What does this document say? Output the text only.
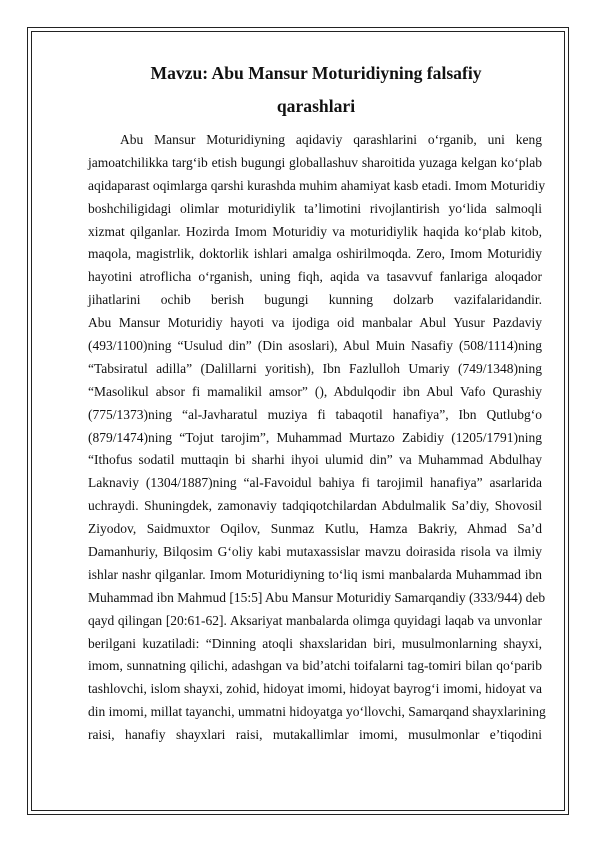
Mavzu: Abu Mansur Moturidiyning falsafiy
qarashlari
Abu Mansur Moturidiyning aqidaviy qarashlarini o‘rganib, uni keng
jamoatchilikka targ‘ib etish bugungi globallashuv sharoitida yuzaga kelgan ko‘plab
aqidaparast oqimlarga qarshi kurashda muhim ahamiyat kasb etadi. Imom Moturidiy
boshchiligidagi olimlar moturidiylik ta’limotini rivojlantirish yo‘lida salmoqli
xizmat qilganlar. Hozirda Imom Moturidiy va moturidiylik haqida ko‘plab kitob,
maqola, magistrlik, doktorlik ishlari amalga oshirilmoqda. Zero, Imom Moturidiy
hayotini atroflicha o‘rganish, uning fiqh, aqida va tasavvuf fanlariga aloqador
jihatlarini ochib berish bugungi kunning dolzarb vazifalaridandir.
Abu Mansur Moturidiy hayoti va ijodiga oid manbalar Abul Yusur Pazdaviy
(493/1100)ning “Usulud din” (Din asoslari), Abul Muin Nasafiy (508/1114)ning
“Tabsiratul adilla” (Dalillarni yoritish), Ibn Fazlulloh Umariy (749/1348)ning
“Masolikul absor fi mamalikil amsor” (), Abdulqodir ibn Abul Vafo Qurashiy
(775/1373)ning “al-Javharatul muziya fi tabaqotil hanafiya”, Ibn Qutlubg‘o
(879/1474)ning “Tojut tarojim”, Muhammad Murtazo Zabidiy (1205/1791)ning
“Ithofus sodatil muttaqin bi sharhi ihyoi ulumid din” va Muhammad Abdulhay
Laknaviy (1304/1887)ning “al-Favoidul bahiya fi tarojimil hanafiya” asarlarida
uchraydi. Shuningdek, zamonaviy tadqiqotchilardan Abdulmalik Sa’diy, Shovosil
Ziyodov, Saidmuxtor Oqilov, Sunmaz Kutlu, Hamza Bakriy, Ahmad Sa’d
Damanhuriy, Bilqosim G‘oliy kabi mutaxassislar mavzu doirasida risola va ilmiy
ishlar nashr qilganlar. Imom Moturidiyning to‘liq ismi manbalarda Muhammad ibn
Muhammad ibn Mahmud [15:5] Abu Mansur Moturidiy Samarqandiy (333/944) deb
qayd qilingan [20:61-62]. Aksariyat manbalarda olimga quyidagi laqab va unvonlar
berilgani kuzatiladi: “Dinning atoqli shaxslaridan biri, musulmonlarning shayxi,
imom, sunnatning qilichi, adashgan va bid’atchi toifalarni tag-tomiri bilan qo‘parib
tashlovchi, islom shayxi, zohid, hidoyat imomi, hidoyat bayrog‘i imomi, hidoyat va
din imomi, millat tayanchi, ummatni hidoyatga yo‘llovchi, Samarqand shayxlarining
raisi, hanafiy shayxlari raisi, mutakallimlar imomi, musulmonlar e’tiqodini
